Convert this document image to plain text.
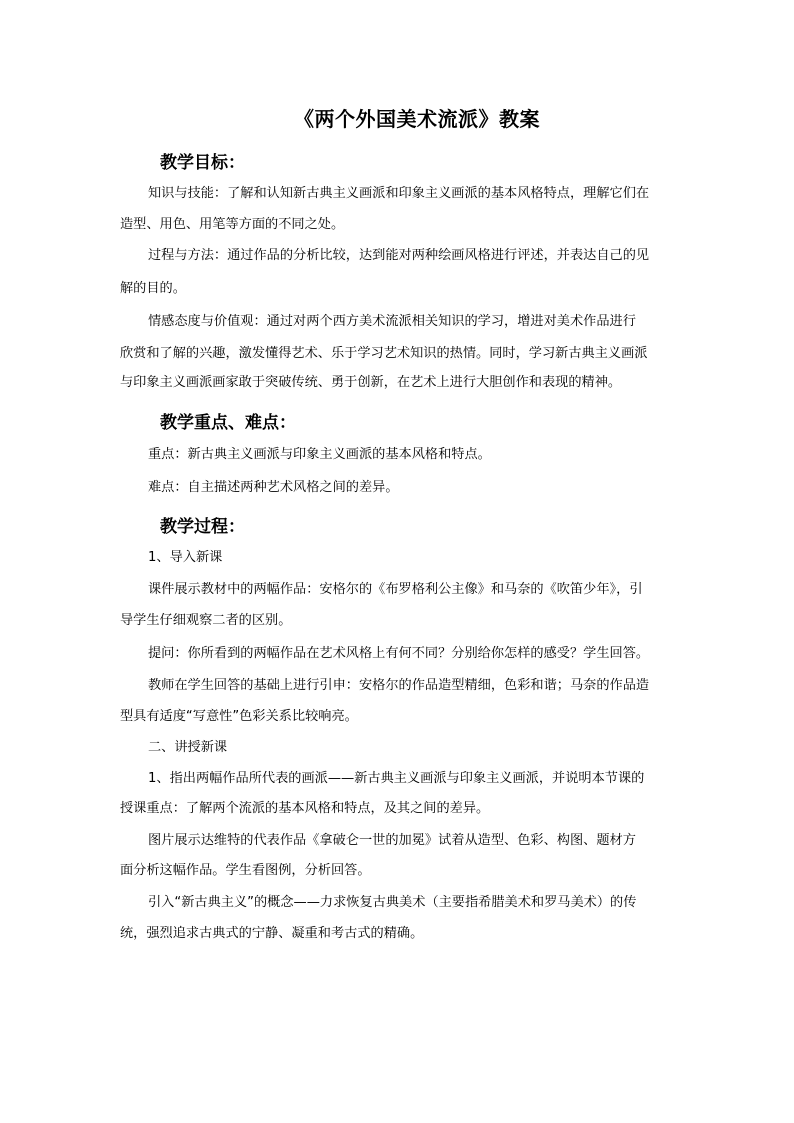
《两个外国美术流派》教案
教学目标：
知识与技能：了解和认知新古典主义画派和印象主义画派的基本风格特点，理解它们在
造型、用色、用笔等方面的不同之处。
过程与方法：通过作品的分析比较，达到能对两种绘画风格进行评述，并表达自己的见
解的目的。
情感态度与价值观：通过对两个西方美术流派相关知识的学习，增进对美术作品进行
欣赏和了解的兴趣，激发懂得艺术、乐于学习艺术知识的热情。同时，学习新古典主义画派
与印象主义画派画家敢于突破传统、勇于创新，在艺术上进行大胆创作和表现的精神。
教学重点、难点：
重点：新古典主义画派与印象主义画派的基本风格和特点。
难点：自主描述两种艺术风格之间的差异。
教学过程：
1、导入新课
课件展示教材中的两幅作品：安格尔的《布罗格利公主像》和马奈的《吹笛少年》，引
导学生仔细观察二者的区别。
提问：你所看到的两幅作品在艺术风格上有何不同？分别给你怎样的感受？学生回答。
教师在学生回答的基础上进行引申：安格尔的作品造型精细，色彩和谐；马奈的作品造
型具有适度“写意性”色彩关系比较响亮。
二、讲授新课
1、指出两幅作品所代表的画派——新古典主义画派与印象主义画派，并说明本节课的
授课重点：了解两个流派的基本风格和特点，及其之间的差异。
图片展示达维特的代表作品《拿破仑一世的加冕》试着从造型、色彩、构图、题材方
面分析这幅作品。学生看图例，分析回答。
引入“新古典主义”的概念——力求恢复古典美术（主要指希腊美术和罗马美术）的传
统，强烈追求古典式的宁静、凝重和考古式的精确。
